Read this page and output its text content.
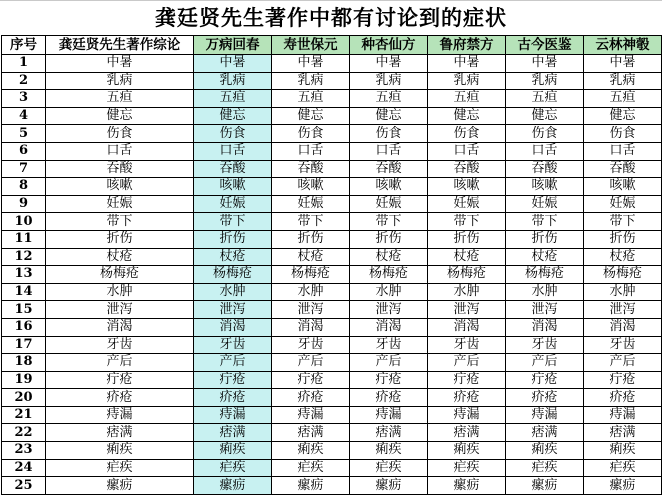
龚廷贤先生著作中都有讨论到的症状
序号	龚廷贤先生著作综论	万病回春	寿世保元	种杏仙方	鲁府禁方	古今医鉴	云林神彀
1	中暑	中暑	中暑	中暑	中暑	中暑	中暑
2	乳病	乳病	乳病	乳病	乳病	乳病	乳病
3	五疸	五疸	五疸	五疸	五疸	五疸	五疸
4	健忘	健忘	健忘	健忘	健忘	健忘	健忘
5	伤食	伤食	伤食	伤食	伤食	伤食	伤食
6	口舌	口舌	口舌	口舌	口舌	口舌	口舌
7	吞酸	吞酸	吞酸	吞酸	吞酸	吞酸	吞酸
8	咳嗽	咳嗽	咳嗽	咳嗽	咳嗽	咳嗽	咳嗽
9	妊娠	妊娠	妊娠	妊娠	妊娠	妊娠	妊娠
10	带下	带下	带下	带下	带下	带下	带下
11	折伤	折伤	折伤	折伤	折伤	折伤	折伤
12	杖疮	杖疮	杖疮	杖疮	杖疮	杖疮	杖疮
13	杨梅疮	杨梅疮	杨梅疮	杨梅疮	杨梅疮	杨梅疮	杨梅疮
14	水肿	水肿	水肿	水肿	水肿	水肿	水肿
15	泄泻	泄泻	泄泻	泄泻	泄泻	泄泻	泄泻
16	消渴	消渴	消渴	消渴	消渴	消渴	消渴
17	牙齿	牙齿	牙齿	牙齿	牙齿	牙齿	牙齿
18	产后	产后	产后	产后	产后	产后	产后
19	疔疮	疔疮	疔疮	疔疮	疔疮	疔疮	疔疮
20	疥疮	疥疮	疥疮	疥疮	疥疮	疥疮	疥疮
21	痔漏	痔漏	痔漏	痔漏	痔漏	痔漏	痔漏
22	痞满	痞满	痞满	痞满	痞满	痞满	痞满
23	痢疾	痢疾	痢疾	痢疾	痢疾	痢疾	痢疾
24	疟疾	疟疾	疟疾	疟疾	疟疾	疟疾	疟疾
25	瘰疬	瘰疬	瘰疬	瘰疬	瘰疬	瘰疬	瘰疬
